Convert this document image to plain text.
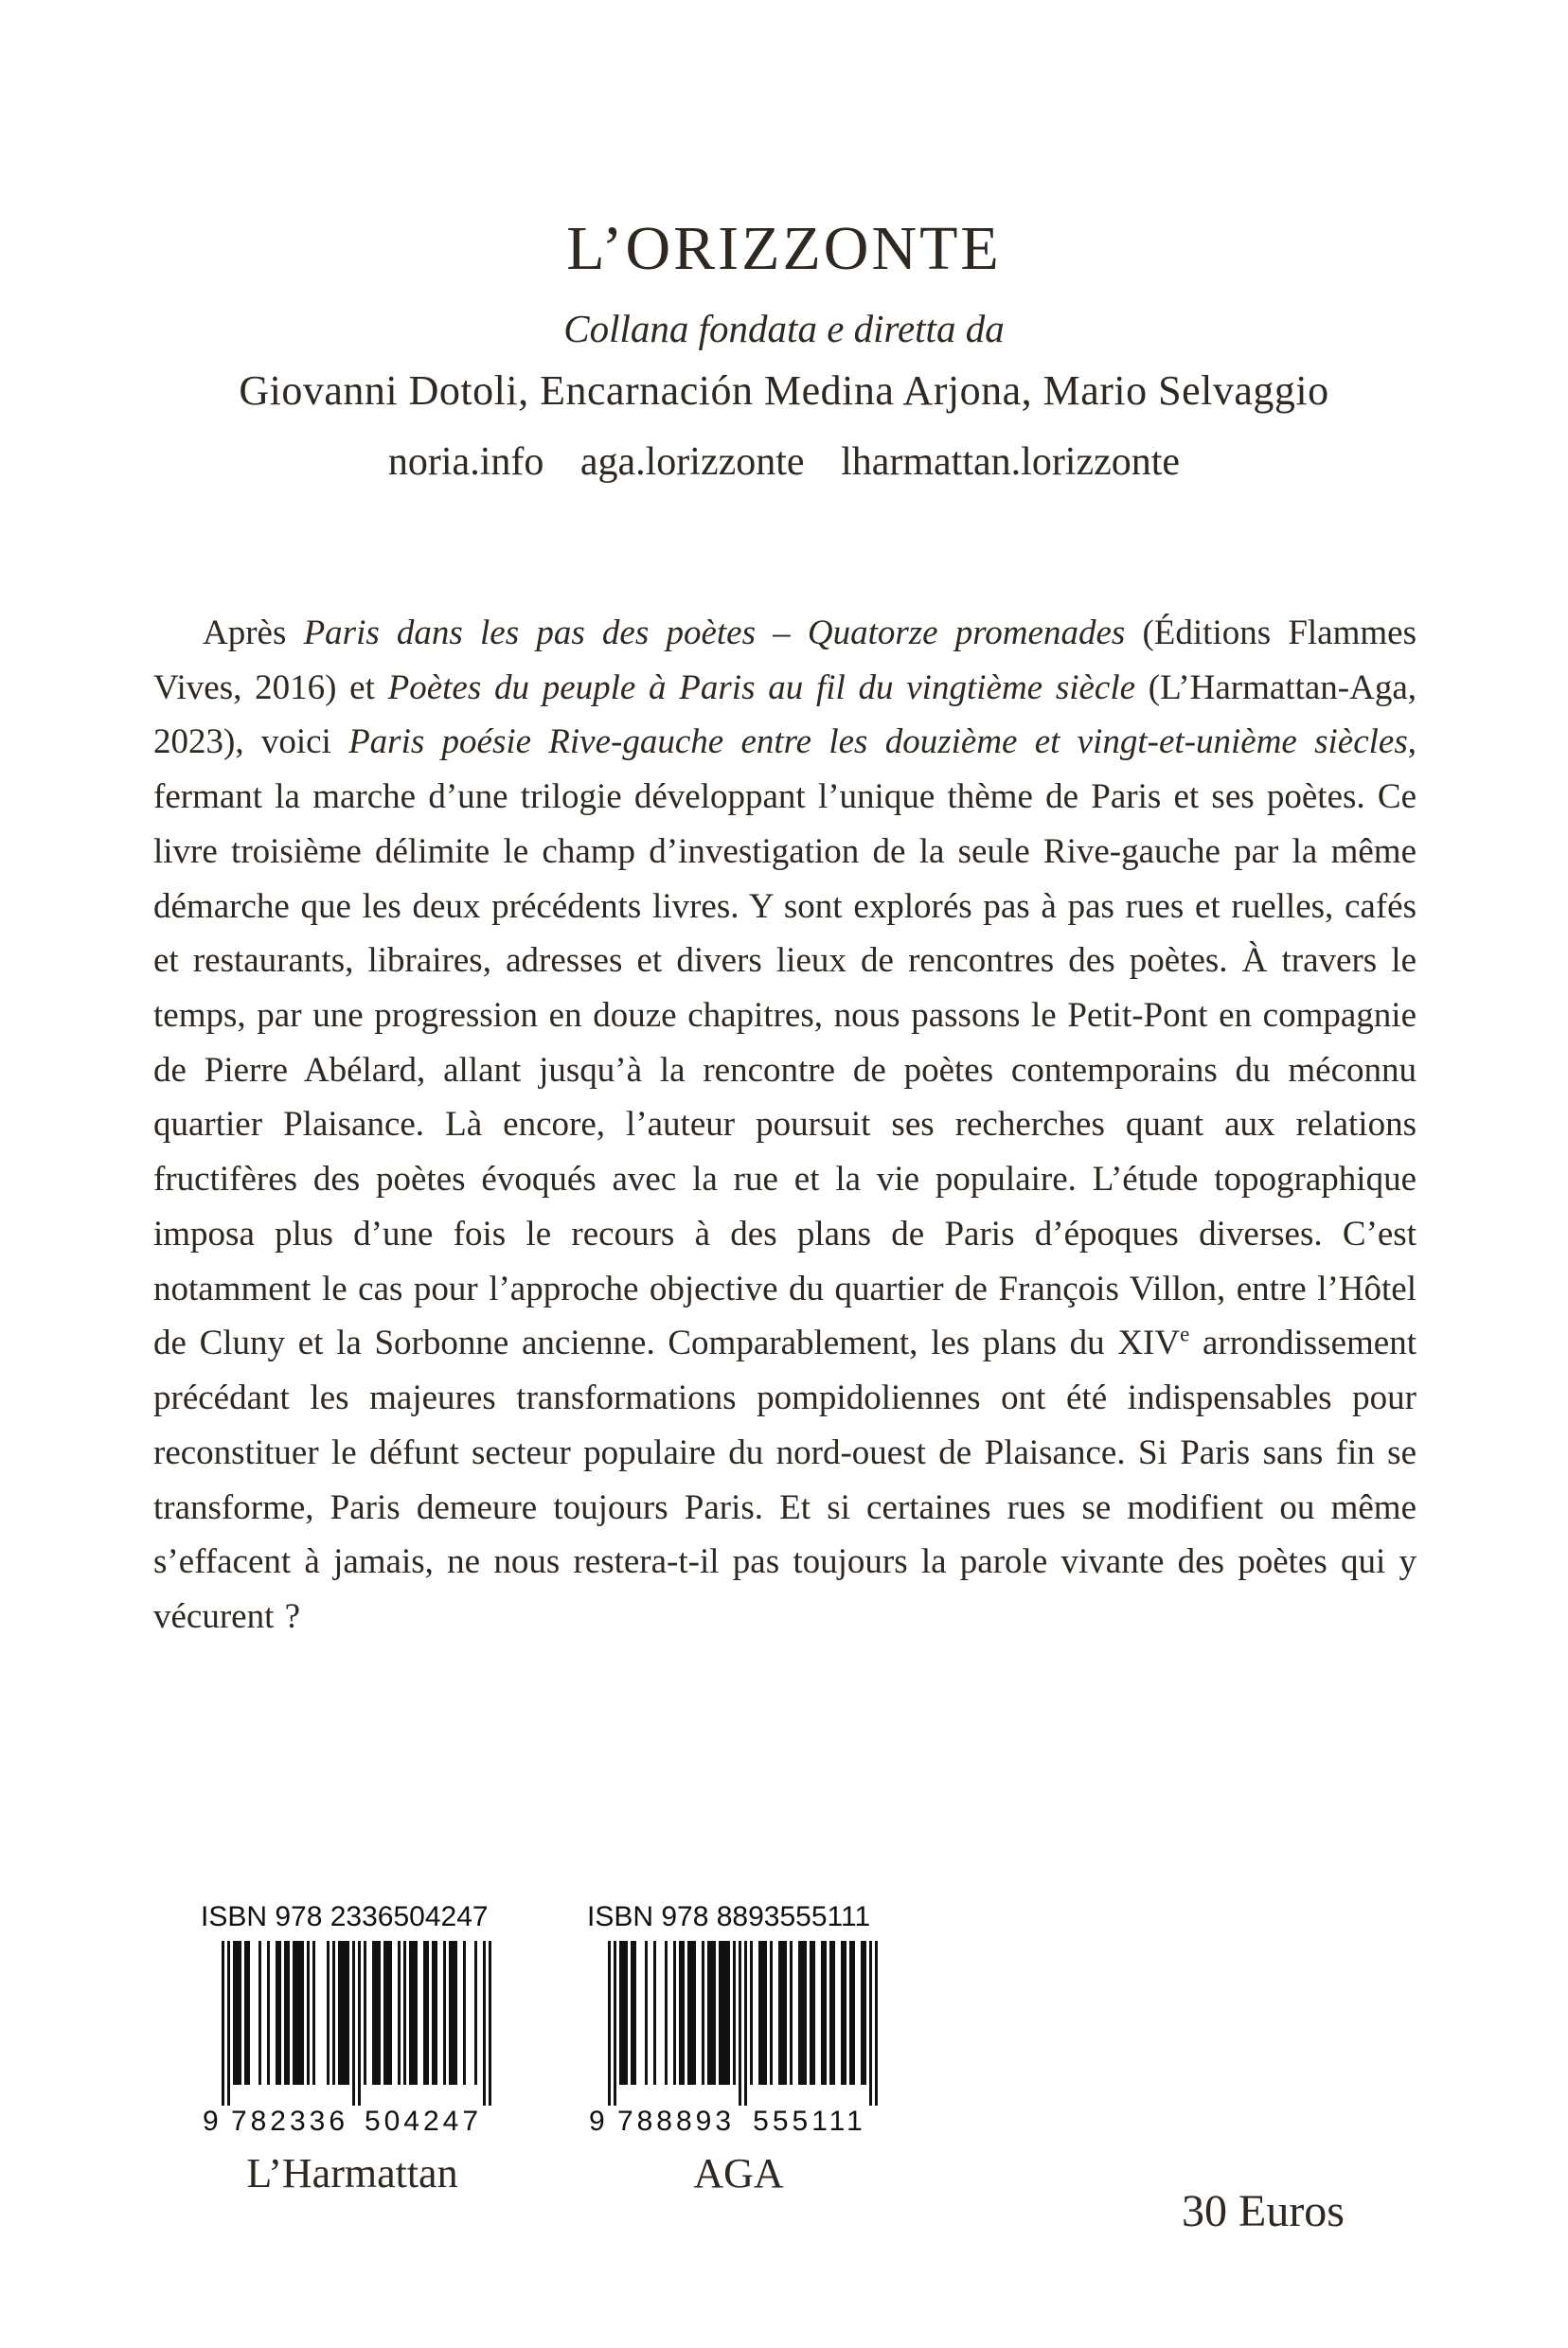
L’ORIZZONTE
Collana fondata e diretta da
Giovanni Dotoli, Encarnación Medina Arjona, Mario Selvaggio
noria.info aga.lorizzonte lharmattan.lorizzonte
Après Paris dans les pas des poètes – Quatorze promenades (Éditions Flammes Vives, 2016) et Poètes du peuple à Paris au fil du vingtième siècle (L’Harmattan-Aga, 2023), voici Paris poésie Rive-gauche entre les douzième et vingt-et-unième siècles, fermant la marche d’une trilogie développant l’unique thème de Paris et ses poètes. Ce livre troisième délimite le champ d’investigation de la seule Rive-gauche par la même démarche que les deux précédents livres. Y sont explorés pas à pas rues et ruelles, cafés et restaurants, libraires, adresses et divers lieux de rencontres des poètes. À travers le temps, par une progression en douze chapitres, nous passons le Petit-Pont en compagnie de Pierre Abélard, allant jusqu’à la rencontre de poètes contemporains du méconnu quartier Plaisance. Là encore, l’auteur poursuit ses recherches quant aux relations fructifères des poètes évoqués avec la rue et la vie populaire. L’étude topographique imposa plus d’une fois le recours à des plans de Paris d’époques diverses. C’est notamment le cas pour l’approche objective du quartier de François Villon, entre l’Hôtel de Cluny et la Sorbonne ancienne. Comparablement, les plans du XIVe arrondissement précédant les majeures transformations pompidoliennes ont été indispensables pour reconstituer le défunt secteur populaire du nord-ouest de Plaisance. Si Paris sans fin se transforme, Paris demeure toujours Paris. Et si certaines rues se modifient ou même s’effacent à jamais, ne nous restera-t-il pas toujours la parole vivante des poètes qui y vécurent ?
ISBN 978 2336504247
9 782336 504247
L’Harmattan
ISBN 978 8893555111
9 788893 555111
AGA
30 Euros
